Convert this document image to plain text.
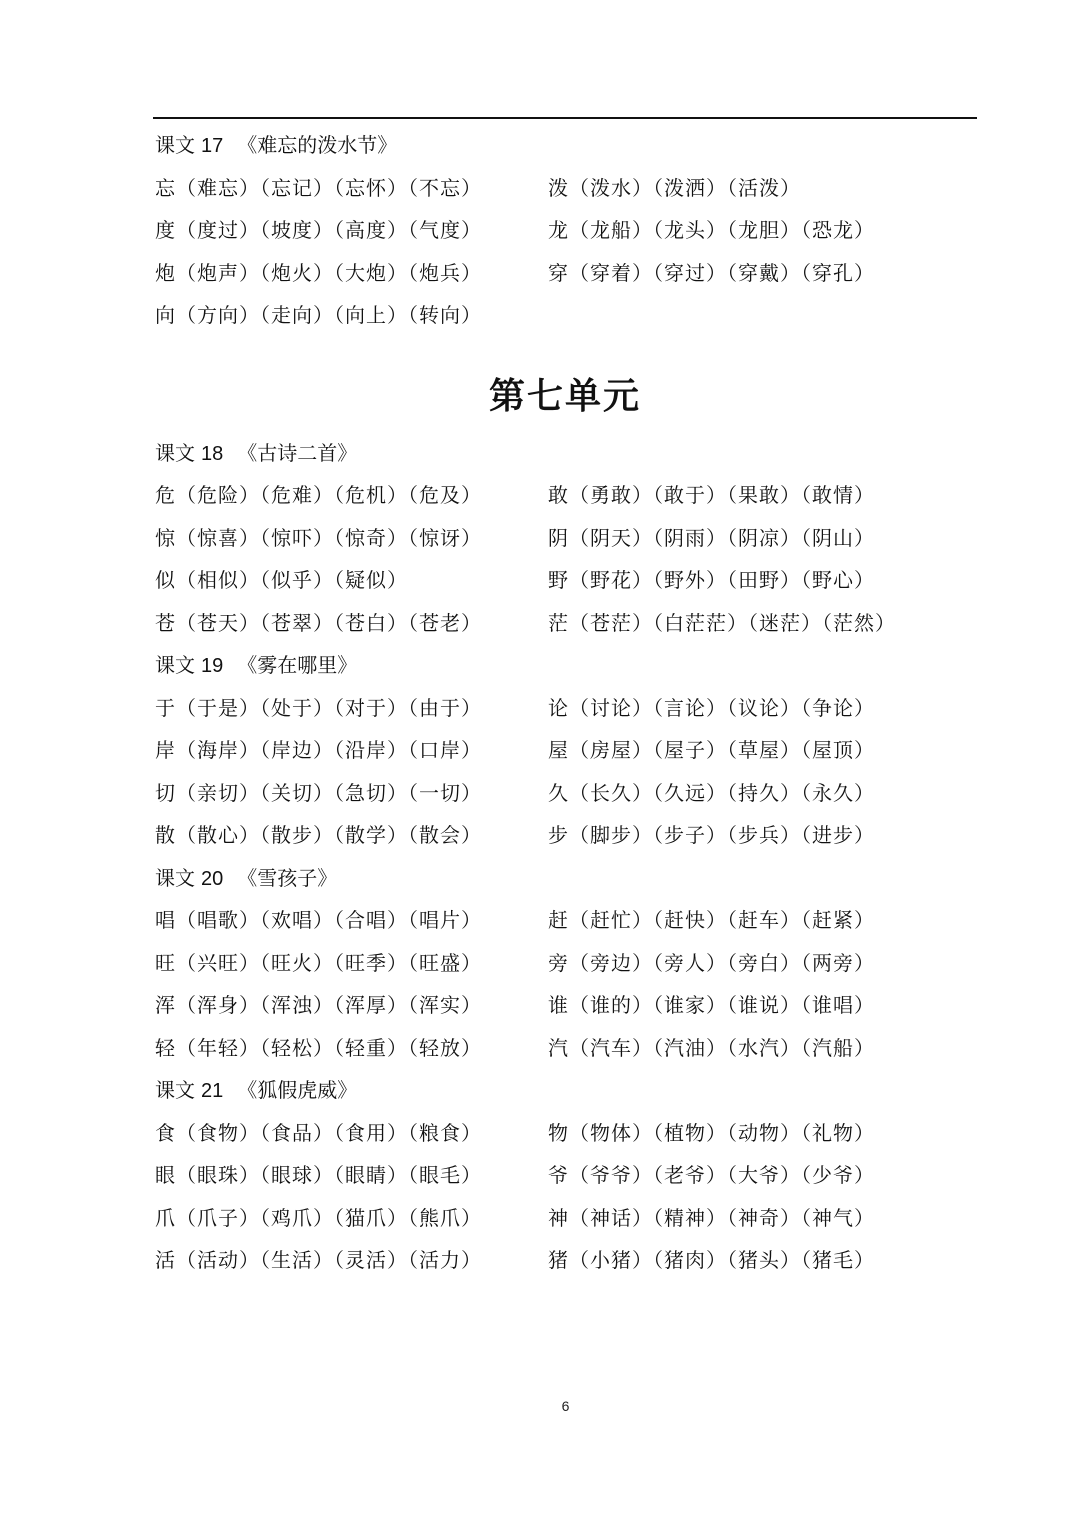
课文 17 《难忘的泼水节》
忘（难忘）（忘记）（忘怀）（不忘）	泼（泼水）（泼洒）（活泼）
度（度过）（坡度）（高度）（气度）	龙（龙船）（龙头）（龙胆）（恐龙）
炮（炮声）（炮火）（大炮）（炮兵）	穿（穿着）（穿过）（穿戴）（穿孔）
向（方向）（走向）（向上）（转向）
第七单元
课文 18 《古诗二首》
危（危险）（危难）（危机）（危及）	敢（勇敢）（敢于）（果敢）（敢情）
惊（惊喜）（惊吓）（惊奇）（惊讶）	阴（阴天）（阴雨）（阴凉）（阴山）
似（相似）（似乎）（疑似）	野（野花）（野外）（田野）（野心）
苍（苍天）（苍翠）（苍白）（苍老）	茫（苍茫）（白茫茫）（迷茫）（茫然）
课文 19 《雾在哪里》
于（于是）（处于）（对于）（由于）	论（讨论）（言论）（议论）（争论）
岸（海岸）（岸边）（沿岸）（口岸）	屋（房屋）（屋子）（草屋）（屋顶）
切（亲切）（关切）（急切）（一切）	久（长久）（久远）（持久）（永久）
散（散心）（散步）（散学）（散会）	步（脚步）（步子）（步兵）（进步）
课文 20 《雪孩子》
唱（唱歌）（欢唱）（合唱）（唱片）	赶（赶忙）（赶快）（赶车）（赶紧）
旺（兴旺）（旺火）（旺季）（旺盛）	旁（旁边）（旁人）（旁白）（两旁）
浑（浑身）（浑浊）（浑厚）（浑实）	谁（谁的）（谁家）（谁说）（谁唱）
轻（年轻）（轻松）（轻重）（轻放）	汽（汽车）（汽油）（水汽）（汽船）
课文 21 《狐假虎威》
食（食物）（食品）（食用）（粮食）	物（物体）（植物）（动物）（礼物）
眼（眼珠）（眼球）（眼睛）（眼毛）	爷（爷爷）（老爷）（大爷）（少爷）
爪（爪子）（鸡爪）（猫爪）（熊爪）	神（神话）（精神）（神奇）（神气）
活（活动）（生活）（灵活）（活力）	猪（小猪）（猪肉）（猪头）（猪毛）
6
